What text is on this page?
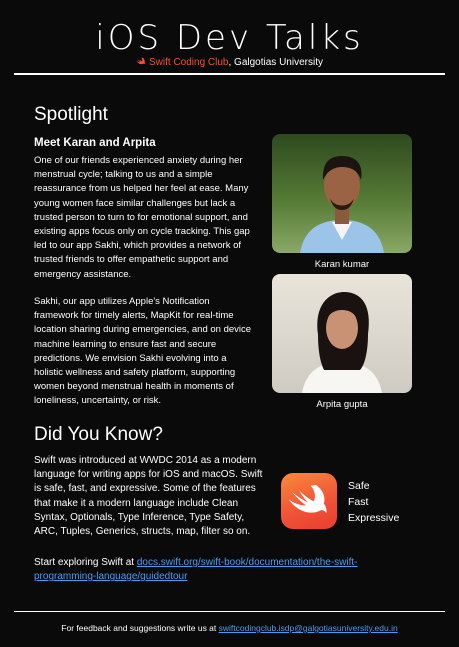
iOS Dev Talks
Swift Coding Club, Galgotias University
Spotlight
Meet Karan and Arpita

One of our friends experienced anxiety during her menstrual cycle; talking to us and a simple reassurance from us helped her feel at ease. Many young women face similar challenges but lack a trusted person to turn to for emotional support, and existing apps focus only on cycle tracking. This gap led to our app Sakhi, which provides a network of trusted friends to offer empathetic support and emergency assistance.

Sakhi, our app utilizes Apple's Notification framework for timely alerts, MapKit for real-time location sharing during emergencies, and on device machine learning to ensure fast and secure predictions. We envision Sakhi evolving into a holistic wellness and safety platform, supporting women beyond menstrual health in moments of loneliness, uncertainty, or risk.

Karan kumar
Arpita gupta
Did You Know?

Swift was introduced at WWDC 2014 as a modern language for writing apps for iOS and macOS. Swift is safe, fast, and expressive. Some of the features that make it a modern language include Clean Syntax, Optionals, Type Inference, Type Safety, ARC, Tuples, Generics, structs, map, filter so on.

Safe
Fast
Expressive
Start exploring Swift at docs.swift.org/swift-book/documentation/the-swift-programming-language/guidedtour
For feedback and suggestions write us at swiftcodingclub.isdp@galgotiasuniversity.edu.in
